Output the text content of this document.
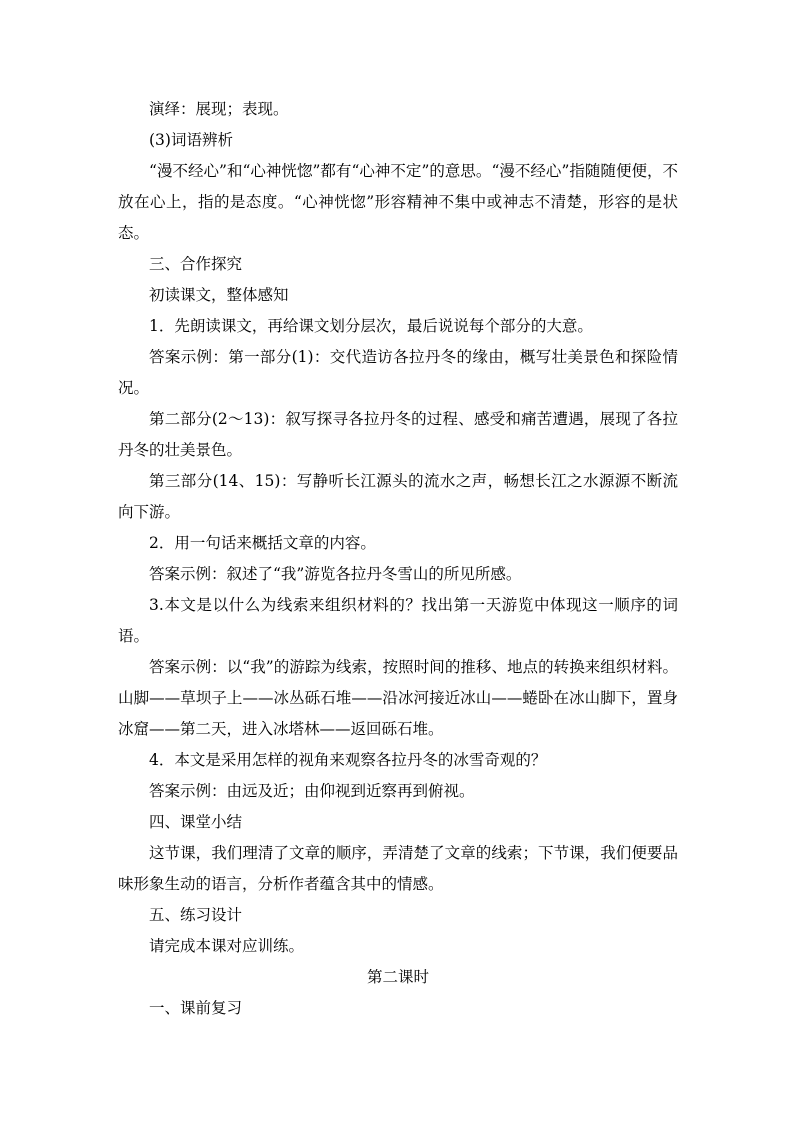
演绎：展现；表现。

(3)词语辨析

“漫不经心”和“心神恍惚”都有“心神不定”的意思。“漫不经心”指随随便便，不放在心上，指的是态度。“心神恍惚”形容精神不集中或神志不清楚，形容的是状态。

三、合作探究

初读课文，整体感知

1．先朗读课文，再给课文划分层次，最后说说每个部分的大意。

答案示例：第一部分(1)：交代造访各拉丹冬的缘由，概写壮美景色和探险情况。

第二部分(2～13)：叙写探寻各拉丹冬的过程、感受和痛苦遭遇，展现了各拉丹冬的壮美景色。

第三部分(14、15)：写静听长江源头的流水之声，畅想长江之水源源不断流向下游。

2．用一句话来概括文章的内容。

答案示例：叙述了“我”游览各拉丹冬雪山的所见所感。

3.本文是以什么为线索来组织材料的？找出第一天游览中体现这一顺序的词语。

答案示例：以“我”的游踪为线索，按照时间的推移、地点的转换来组织材料。山脚——草坝子上——冰丛砾石堆——沿冰河接近冰山——蜷卧在冰山脚下，置身冰窟——第二天，进入冰塔林——返回砾石堆。

4．本文是采用怎样的视角来观察各拉丹冬的冰雪奇观的？

答案示例：由远及近；由仰视到近察再到俯视。

四、课堂小结

这节课，我们理清了文章的顺序，弄清楚了文章的线索；下节课，我们便要品味形象生动的语言，分析作者蕴含其中的情感。

五、练习设计

请完成本课对应训练。

第二课时

一、课前复习
